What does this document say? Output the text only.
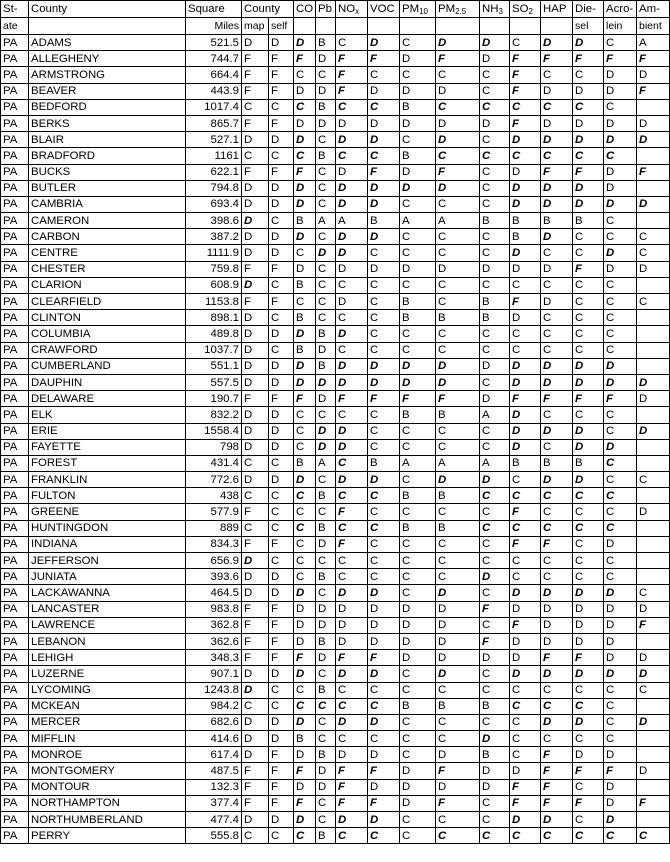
St-	County	Square	County		CO	Pb	$NO_x$	VOC	$PM_{10}$	$PM_{2.5}$	$NH_3$	$SO_2$	HAP	Die-	Acro-	Am-
ate		Miles	map	self										sel	lein	bient
PA	ADAMS	521.5	D	D	D	B	C	D	C	D	D	C	D	D	C	A
PA	ALLEGHENY	744.7	F	F	F	D	F	F	D	F	D	F	F	F	F	F
PA	ARMSTRONG	664.4	F	F	C	C	F	C	C	C	C	F	C	C	D	D
PA	BEAVER	443.9	F	F	D	D	F	D	D	D	C	F	D	D	D	F
PA	BEDFORD	1017.4	C	C	C	B	C	C	B	C	C	C	C	C	C	
PA	BERKS	865.7	F	F	D	D	D	D	D	D	D	F	D	D	D	D
PA	BLAIR	527.1	D	D	D	C	D	D	C	D	C	D	D	D	D	D
PA	BRADFORD	1161	C	C	C	B	C	C	B	C	C	C	C	C	C	
PA	BUCKS	622.1	F	F	F	C	D	F	D	F	C	D	F	F	D	F
PA	BUTLER	794.8	D	D	D	C	D	D	D	D	C	D	D	D	D	
PA	CAMBRIA	693.4	D	D	D	C	D	D	C	C	C	D	D	D	D	D
PA	CAMERON	398.6	D	C	B	A	A	B	A	A	B	B	B	B	C	
PA	CARBON	387.2	D	D	D	C	D	D	C	C	C	B	D	C	C	C
PA	CENTRE	1111.9	D	D	C	D	D	C	C	C	C	D	C	C	D	C
PA	CHESTER	759.8	F	F	D	C	D	D	D	D	D	D	D	F	D	D
PA	CLARION	608.9	D	C	B	C	C	C	C	C	C	C	C	C	C	
PA	CLEARFIELD	1153.8	F	F	C	C	D	C	B	C	B	F	D	C	C	C
PA	CLINTON	898.1	D	C	B	C	C	C	B	B	B	D	C	C	C	
PA	COLUMBIA	489.8	D	D	D	B	D	C	C	C	C	C	C	C	C	
PA	CRAWFORD	1037.7	D	C	B	D	C	C	C	C	C	C	C	C	C	
PA	CUMBERLAND	551.1	D	D	D	B	D	D	D	D	D	D	D	D	D	
PA	DAUPHIN	557.5	D	D	D	D	D	D	D	D	C	D	D	D	D	D
PA	DELAWARE	190.7	F	F	F	D	F	F	F	F	D	F	F	F	F	D
PA	ELK	832.2	D	D	C	C	C	C	B	B	A	D	C	C	C	
PA	ERIE	1558.4	D	D	C	D	D	C	C	C	C	D	D	D	C	D
PA	FAYETTE	798	D	D	C	D	D	C	C	C	C	D	C	D	D	
PA	FOREST	431.4	C	C	B	A	C	B	A	A	A	B	B	B	C	
PA	FRANKLIN	772.6	D	D	D	C	D	D	C	D	D	C	D	D	C	C
PA	FULTON	438	C	C	C	B	C	C	B	B	C	C	C	C	C	
PA	GREENE	577.9	F	C	C	C	F	C	C	C	C	F	C	C	C	D
PA	HUNTINGDON	889	C	C	C	B	C	C	B	B	C	C	C	C	C	
PA	INDIANA	834.3	F	F	C	D	F	C	C	C	C	F	F	C	D	
PA	JEFFERSON	656.9	D	C	C	C	C	C	C	C	C	C	C	C	C	
PA	JUNIATA	393.6	D	D	C	B	C	C	C	C	D	C	C	C	C	
PA	LACKAWANNA	464.5	D	D	D	C	D	D	C	D	C	D	D	D	D	C
PA	LANCASTER	983.8	F	F	D	D	D	D	D	D	F	D	D	D	D	D
PA	LAWRENCE	362.8	F	F	D	D	D	D	D	D	C	F	D	D	D	F
PA	LEBANON	362.6	F	F	D	B	D	D	D	D	F	D	D	D	D	
PA	LEHIGH	348.3	F	F	F	D	F	F	D	D	D	D	F	F	D	D
PA	LUZERNE	907.1	D	D	D	C	D	D	C	D	C	D	D	D	D	D
PA	LYCOMING	1243.8	D	C	C	B	C	C	C	C	C	C	C	C	C	C
PA	MCKEAN	984.2	C	C	C	C	C	C	B	B	B	C	C	C	C	
PA	MERCER	682.6	D	D	D	C	D	D	C	C	C	C	D	D	C	D
PA	MIFFLIN	414.6	D	D	B	C	C	C	C	C	D	C	C	C	C	
PA	MONROE	617.4	D	F	D	B	D	D	C	D	B	C	F	D	D	
PA	MONTGOMERY	487.5	F	F	F	D	F	F	D	F	D	D	F	F	F	D
PA	MONTOUR	132.3	F	F	D	D	F	D	D	D	D	F	F	C	D	
PA	NORTHAMPTON	377.4	F	F	F	C	F	F	D	F	C	F	F	F	D	F
PA	NORTHUMBERLAND	477.4	D	D	D	C	D	D	C	C	C	D	D	C	D	
PA	PERRY	555.8	C	C	C	B	C	C	C	C	C	C	C	C	C	C
